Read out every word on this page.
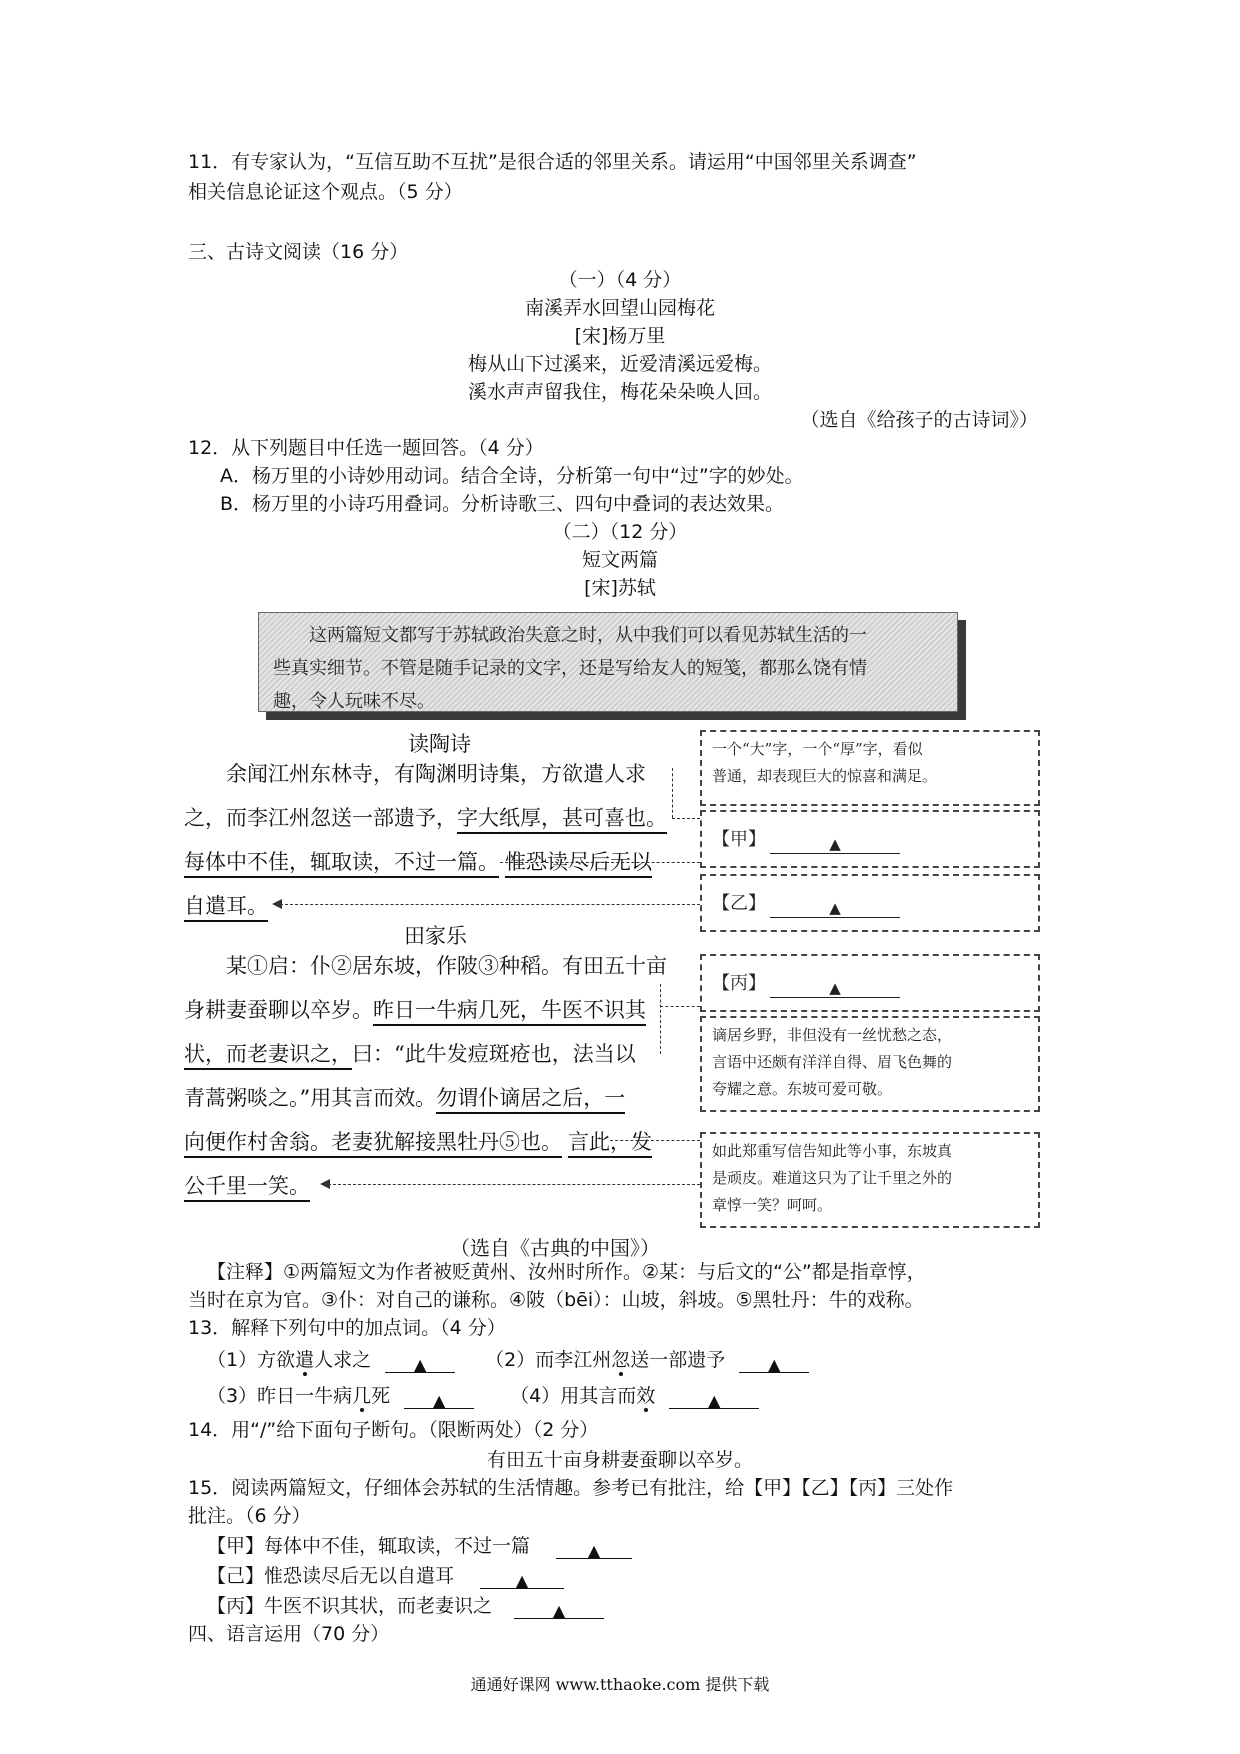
11．有专家认为，“互信互助不互扰”是很合适的邻里关系。请运用“中国邻里关系调查”
相关信息论证这个观点。（5 分）
三、古诗文阅读（16 分）
（一）（4 分）
南溪弄水回望山园梅花
[宋]杨万里
梅从山下过溪来，近爱清溪远爱梅。
溪水声声留我住，梅花朵朵唤人回。
（选自《给孩子的古诗词》）
12．从下列题目中任选一题回答。（4 分）
A．杨万里的小诗妙用动词。结合全诗，分析第一句中“过”字的妙处。
B．杨万里的小诗巧用叠词。分析诗歌三、四句中叠词的表达效果。
（二）（12 分）
短文两篇
[宋]苏轼

这两篇短文都写于苏轼政治失意之时，从中我们可以看见苏轼生活的一

些真实细节。不管是随手记录的文字，还是写给友人的短笺，都那么饶有情
趣，令人玩味不尽。
读陶诗
余闻江州东林寺，有陶渊明诗集，方欲遣人求
之，而李江州忽送一部遗予，字大纸厚，甚可喜也。
每体中不佳，辄取读，不过一篇。 惟恐读尽后无以
自遣耳。
田家乐
某①启：仆②居东坡，作陂③种稻。有田五十亩
身耕妻蚕聊以卒岁。昨日一牛病几死，牛医不识其
状，而老妻识之，曰：“此牛发痘斑疮也，法当以
青蒿粥啖之。”用其言而效。勿谓仆谪居之后，一
向便作村舍翁。老妻犹解接黑牡丹⑤也。 言此，发
公千里一笑。
（选自《古典的中国》）
一个“大”字，一个“厚”字，看似
普通，却表现巨大的惊喜和满足。
【甲】	▲
【乙】	▲
【丙】	▲
谪居乡野，非但没有一丝忧愁之态，
言语中还颇有洋洋自得、眉飞色舞的
夸耀之意。东坡可爱可敬。
如此郑重写信告知此等小事，东坡真
是顽皮。难道这只为了让千里之外的
章惇一笑？呵呵。
【注释】①两篇短文为作者被贬黄州、汝州时所作。②某：与后文的“公”都是指章惇，
当时在京为官。③仆：对自己的谦称。④陂（bēi）：山坡，斜坡。⑤黑牡丹：牛的戏称。
13．解释下列句中的加点词。（4 分）
（1）方欲遣人求之	▲	（2）而李江州忽送一部遗予	▲
（3）昨日一牛病几死	▲	（4）用其言而效	▲
14．用“/”给下面句子断句。（限断两处）（2 分）
有田五十亩身耕妻蚕聊以卒岁。
15．阅读两篇短文，仔细体会苏轼的生活情趣。参考已有批注，给【甲】【乙】【丙】三处作
批注。（6 分）
【甲】每体中不佳，辄取读，不过一篇	▲
【己】惟恐读尽后无以自遣耳	▲
【丙】牛医不识其状，而老妻识之	▲
四、语言运用（70 分）
通通好课网 www.tthaoke.com 提供下载
